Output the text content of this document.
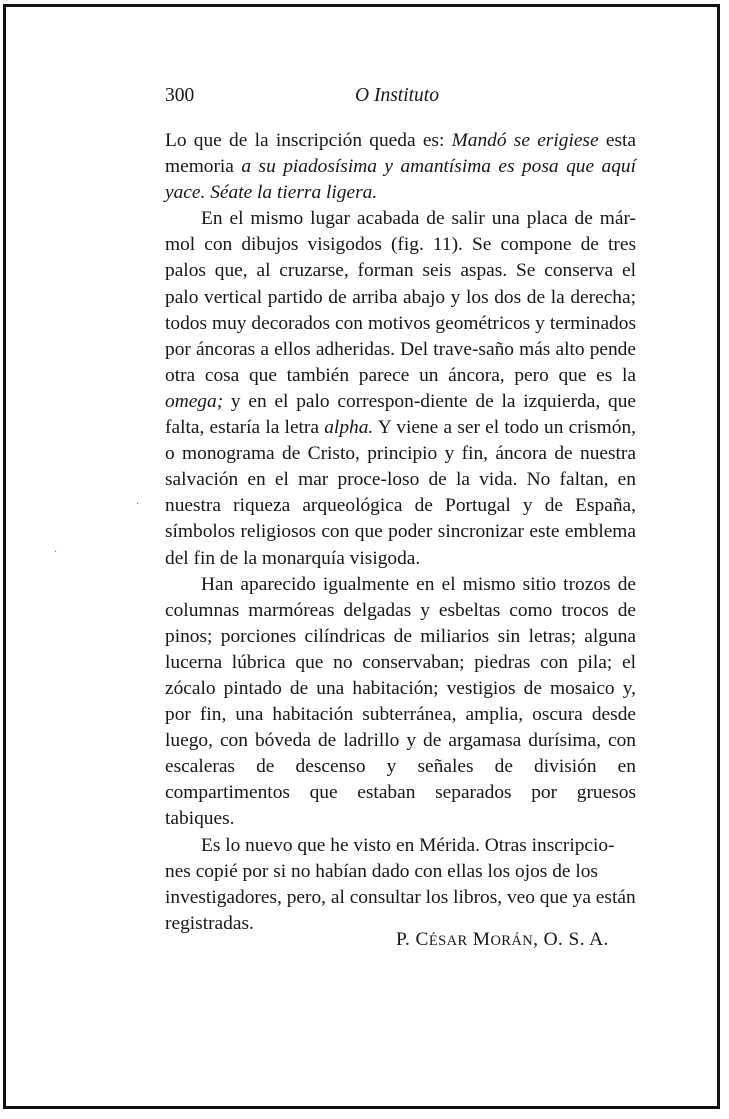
300	O Instituto

Lo que de la inscripción queda es: Mandó se erigiese esta memoria a su piadosísima y amantísima es posa que aquí yace. Séate la tierra ligera.

En el mismo lugar acabada de salir una placa de már-mol con dibujos visigodos (fig. 11). Se compone de tres palos que, al cruzarse, forman seis aspas. Se conserva el palo vertical partido de arriba abajo y los dos de la derecha; todos muy decorados con motivos geométricos y terminados por áncoras a ellos adheridas. Del trave-saño más alto pende otra cosa que también parece un áncora, pero que es la omega; y en el palo correspon-diente de la izquierda, que falta, estaría la letra alpha. Y viene a ser el todo un crismón, o monograma de Cristo, principio y fin, áncora de nuestra salvación en el mar proce-loso de la vida. No faltan, en nuestra riqueza arqueológica de Portugal y de España, símbolos religiosos con que poder sincronizar este emblema del fin de la monarquía visigoda.

Han aparecido igualmente en el mismo sitio trozos de columnas marmóreas delgadas y esbeltas como trocos de pinos; porciones cilíndricas de miliarios sin letras; alguna lucerna lúbrica que no conservaban; piedras con pila; el zócalo pintado de una habitación; vestigios de mosaico y, por fin, una habitación subterránea, amplia, oscura desde luego, con bóveda de ladrillo y de argamasa durísima, con escaleras de descenso y señales de división en compartimentos que estaban separados por gruesos tabiques.

Es lo nuevo que he visto en Mérida. Otras inscripcio-nes copié por si no habían dado con ellas los ojos de los investigadores, pero, al consultar los libros, veo que ya están registradas.

P. CÉSAR MORÁN, O. S. A.
·
·
